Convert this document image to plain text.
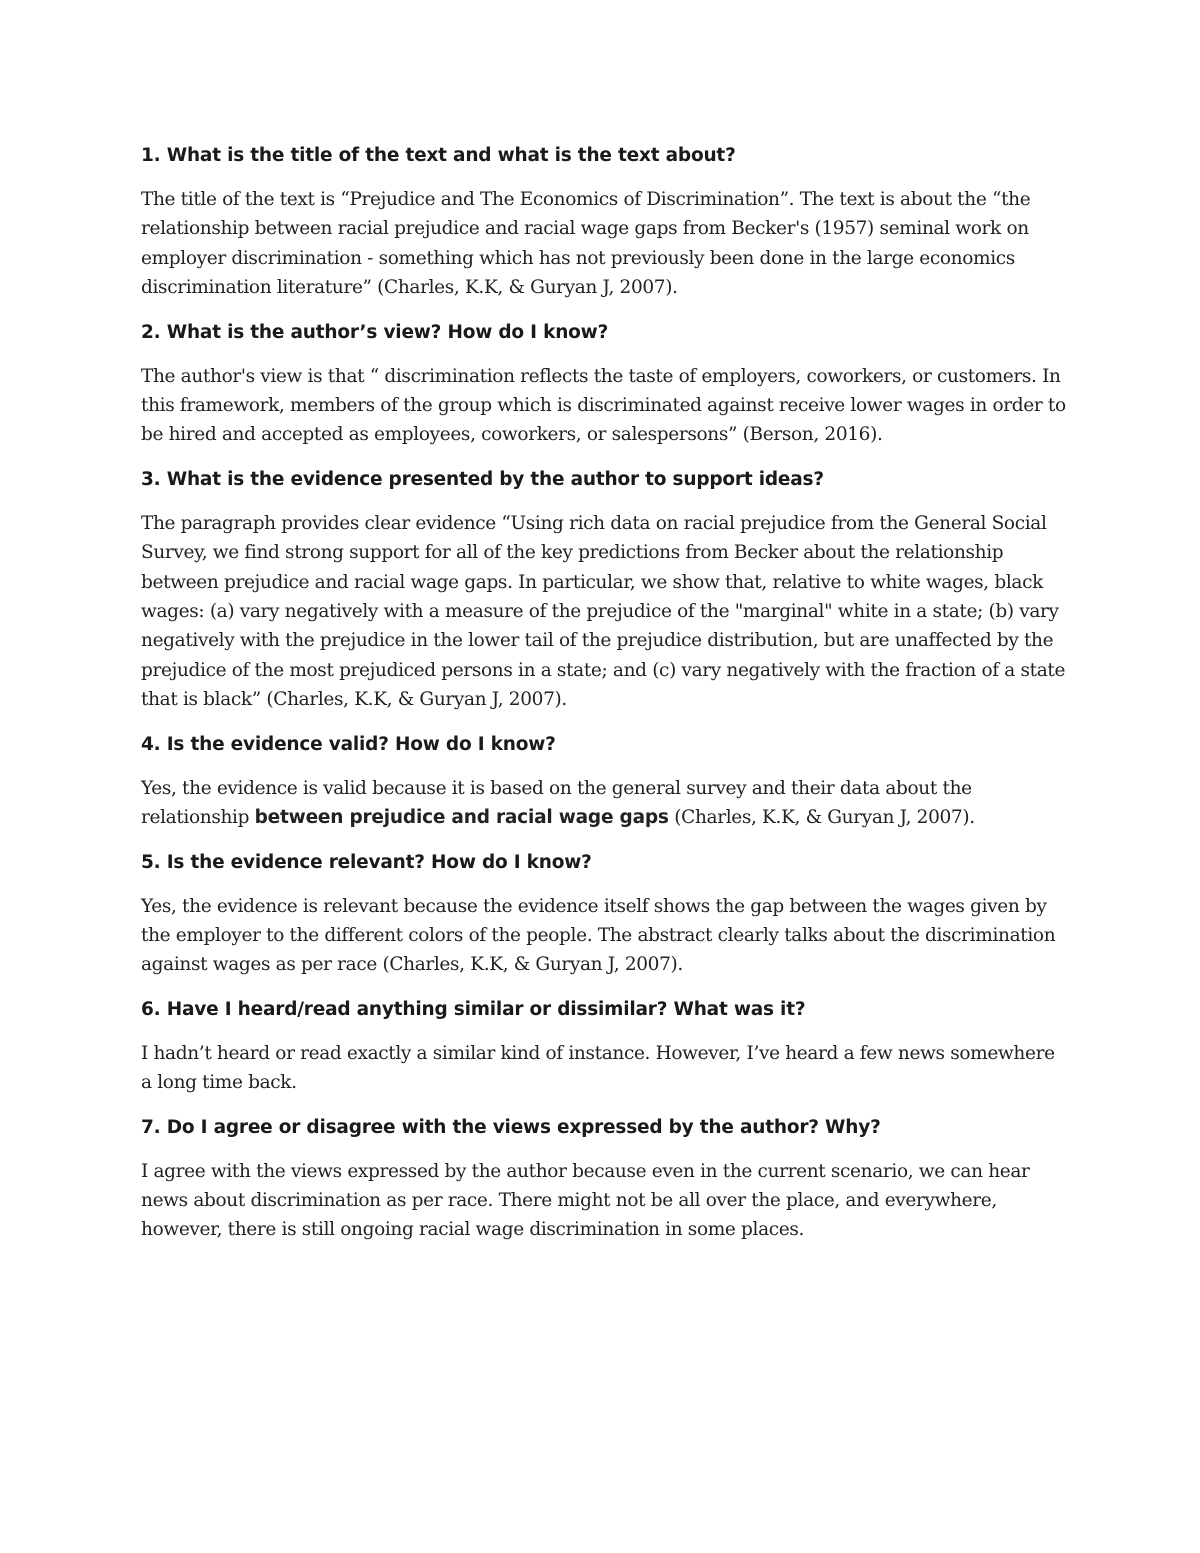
1. What is the title of the text and what is the text about?

The title of the text is “Prejudice and The Economics of Discrimination”. The text is about the “the relationship between racial prejudice and racial wage gaps from Becker's (1957) seminal work on employer discrimination - something which has not previously been done in the large economics discrimination literature” (Charles, K.K, & Guryan J, 2007).

2. What is the author’s view? How do I know?

The author's view is that “ discrimination reflects the taste of employers, coworkers, or customers. In this framework, members of the group which is discriminated against receive lower wages in order to be hired and accepted as employees, coworkers, or salespersons” (Berson, 2016).

3. What is the evidence presented by the author to support ideas?

The paragraph provides clear evidence “Using rich data on racial prejudice from the General Social Survey, we find strong support for all of the key predictions from Becker about the relationship between prejudice and racial wage gaps. In particular, we show that, relative to white wages, black wages: (a) vary negatively with a measure of the prejudice of the "marginal" white in a state; (b) vary negatively with the prejudice in the lower tail of the prejudice distribution, but are unaffected by the prejudice of the most prejudiced persons in a state; and (c) vary negatively with the fraction of a state that is black” (Charles, K.K, & Guryan J, 2007).

4. Is the evidence valid? How do I know?

Yes, the evidence is valid because it is based on the general survey and their data about the relationship between prejudice and racial wage gaps (Charles, K.K, & Guryan J, 2007).

5. Is the evidence relevant? How do I know?

Yes, the evidence is relevant because the evidence itself shows the gap between the wages given by the employer to the different colors of the people. The abstract clearly talks about the discrimination against wages as per race (Charles, K.K, & Guryan J, 2007).

6. Have I heard/read anything similar or dissimilar? What was it?

I hadn’t heard or read exactly a similar kind of instance. However, I’ve heard a few news somewhere a long time back.

7. Do I agree or disagree with the views expressed by the author? Why?

I agree with the views expressed by the author because even in the current scenario, we can hear news about discrimination as per race. There might not be all over the place, and everywhere, however, there is still ongoing racial wage discrimination in some places.
